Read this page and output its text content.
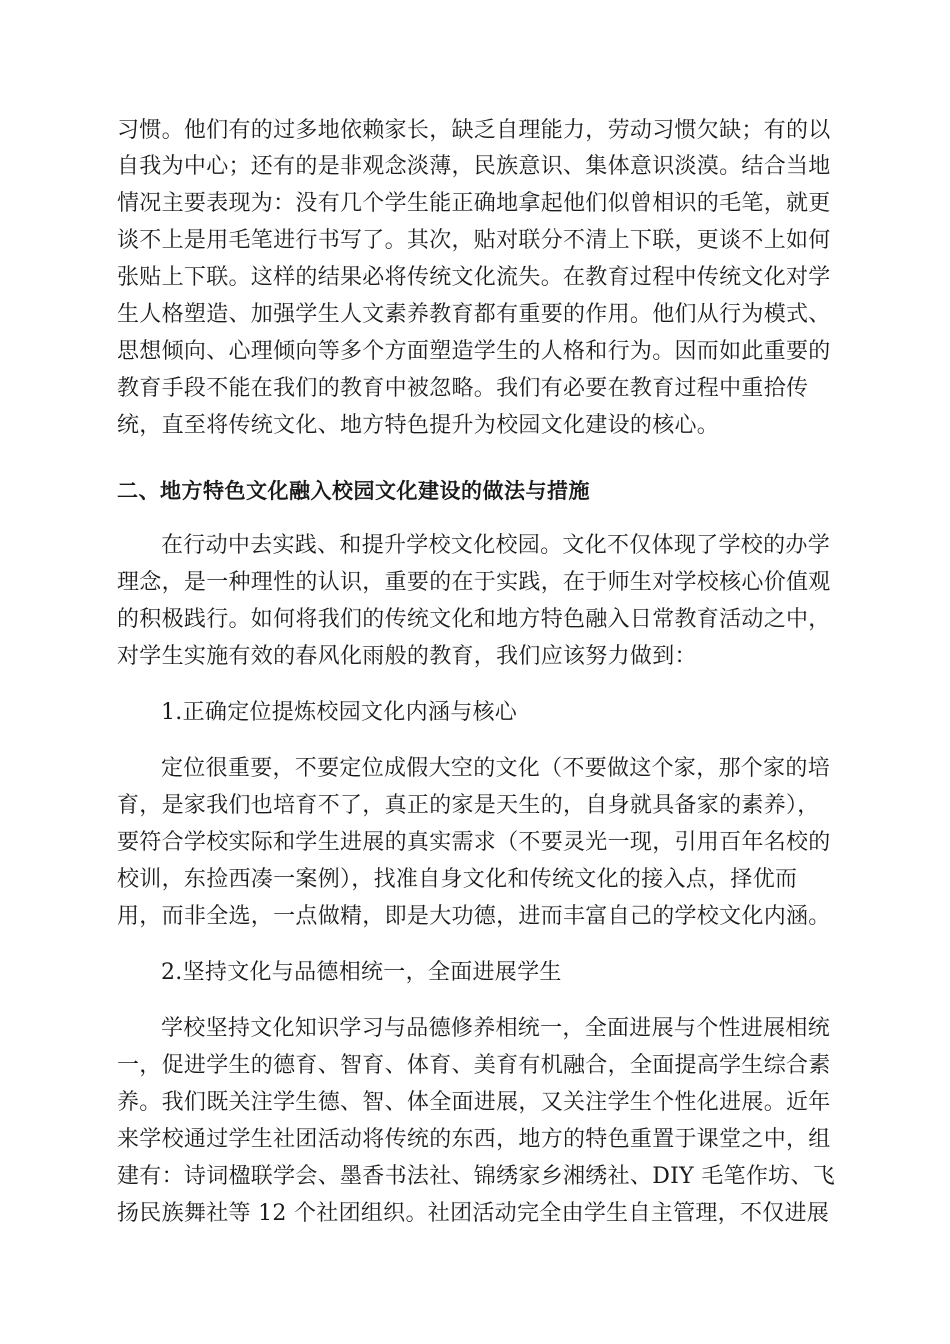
习惯。他们有的过多地依赖家长，缺乏自理能力，劳动习惯欠缺；有的以
自我为中心；还有的是非观念淡薄，民族意识、集体意识淡漠。结合当地
情况主要表现为：没有几个学生能正确地拿起他们似曾相识的毛笔，就更
谈不上是用毛笔进行书写了。其次，贴对联分不清上下联，更谈不上如何
张贴上下联。这样的结果必将传统文化流失。在教育过程中传统文化对学
生人格塑造、加强学生人文素养教育都有重要的作用。他们从行为模式、
思想倾向、心理倾向等多个方面塑造学生的人格和行为。因而如此重要的
教育手段不能在我们的教育中被忽略。我们有必要在教育过程中重拾传
统，直至将传统文化、地方特色提升为校园文化建设的核心。
二、地方特色文化融入校园文化建设的做法与措施
在行动中去实践、和提升学校文化校园。文化不仅体现了学校的办学
理念，是一种理性的认识，重要的在于实践，在于师生对学校核心价值观
的积极践行。如何将我们的传统文化和地方特色融入日常教育活动之中，
对学生实施有效的春风化雨般的教育，我们应该努力做到：
1.正确定位提炼校园文化内涵与核心
定位很重要，不要定位成假大空的文化（不要做这个家，那个家的培
育，是家我们也培育不了，真正的家是天生的，自身就具备家的素养），
要符合学校实际和学生进展的真实需求（不要灵光一现，引用百年名校的
校训，东捡西凑一案例），找准自身文化和传统文化的接入点，择优而
用，而非全选，一点做精，即是大功德，进而丰富自己的学校文化内涵。
2.坚持文化与品德相统一，全面进展学生
学校坚持文化知识学习与品德修养相统一，全面进展与个性进展相统
一，促进学生的德育、智育、体育、美育有机融合，全面提高学生综合素
养。我们既关注学生德、智、体全面进展，又关注学生个性化进展。近年
来学校通过学生社团活动将传统的东西，地方的特色重置于课堂之中，组
建有：诗词楹联学会、墨香书法社、锦绣家乡湘绣社、DIY 毛笔作坊、飞
扬民族舞社等 12 个社团组织。社团活动完全由学生自主管理，不仅进展
